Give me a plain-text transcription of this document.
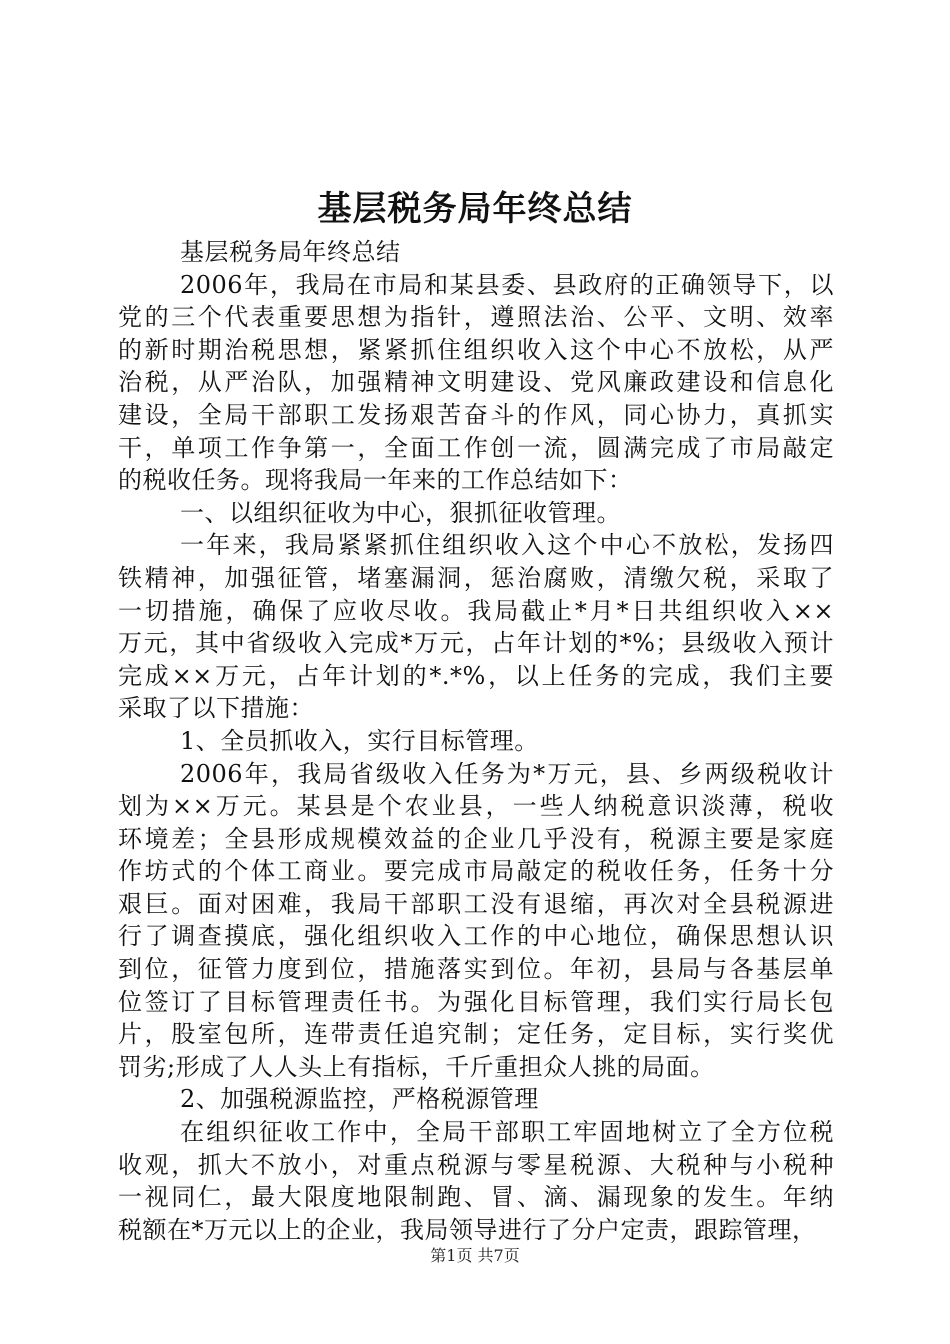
基层税务局年终总结
基层税务局年终总结
2006年，我局在市局和某县委、县政府的正确领导下，以
党的三个代表重要思想为指针，遵照法治、公平、文明、效率
的新时期治税思想，紧紧抓住组织收入这个中心不放松，从严
治税，从严治队，加强精神文明建设、党风廉政建设和信息化
建设，全局干部职工发扬艰苦奋斗的作风，同心协力，真抓实
干，单项工作争第一，全面工作创一流，圆满完成了市局敲定
的税收任务。现将我局一年来的工作总结如下：
一、以组织征收为中心，狠抓征收管理。
一年来，我局紧紧抓住组织收入这个中心不放松，发扬四
铁精神，加强征管，堵塞漏洞，惩治腐败，清缴欠税，采取了
一切措施，确保了应收尽收。我局截止*月*日共组织收入××
万元，其中省级收入完成*万元，占年计划的*%；县级收入预计
完成××万元，占年计划的*.*%，以上任务的完成，我们主要
采取了以下措施：
1、全员抓收入，实行目标管理。
2006年，我局省级收入任务为*万元，县、乡两级税收计
划为××万元。某县是个农业县，一些人纳税意识淡薄，税收
环境差；全县形成规模效益的企业几乎没有，税源主要是家庭
作坊式的个体工商业。要完成市局敲定的税收任务，任务十分
艰巨。面对困难，我局干部职工没有退缩，再次对全县税源进
行了调查摸底，强化组织收入工作的中心地位，确保思想认识
到位，征管力度到位，措施落实到位。年初，县局与各基层单
位签订了目标管理责任书。为强化目标管理，我们实行局长包
片，股室包所，连带责任追究制；定任务，定目标，实行奖优
罚劣;形成了人人头上有指标，千斤重担众人挑的局面。
2、加强税源监控，严格税源管理
在组织征收工作中，全局干部职工牢固地树立了全方位税
收观，抓大不放小，对重点税源与零星税源、大税种与小税种
一视同仁，最大限度地限制跑、冒、滴、漏现象的发生。年纳
税额在*万元以上的企业，我局领导进行了分户定责，跟踪管理，
第1页 共7页
